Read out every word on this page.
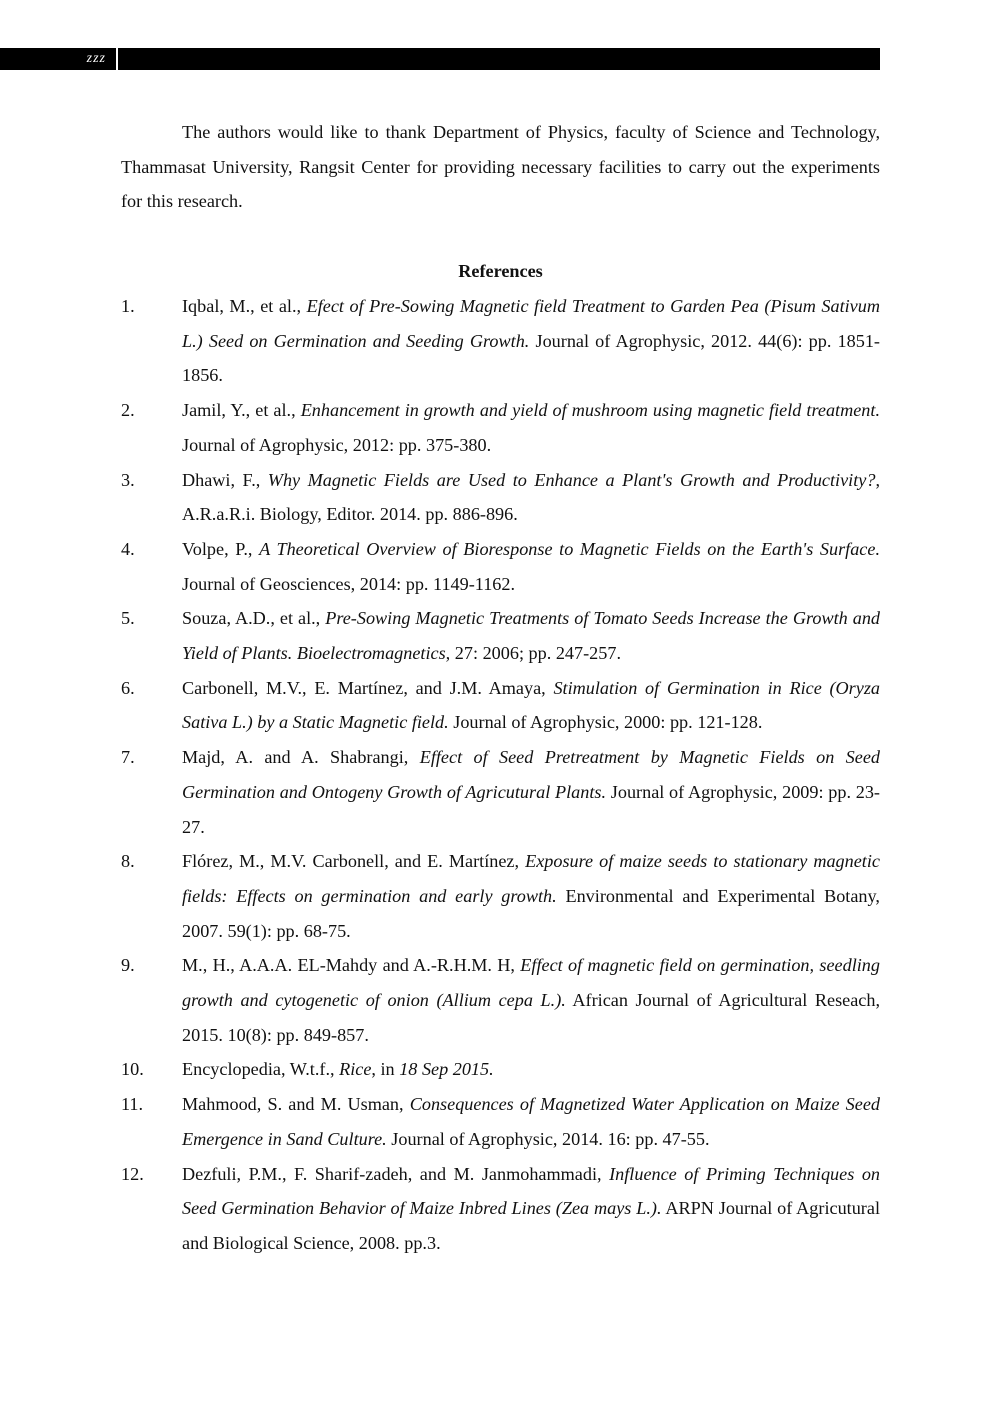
zzz

The authors would like to thank Department of Physics, faculty of Science and Technology, Thammasat University, Rangsit Center for providing necessary facilities to carry out the experiments for this research.

References
1.	Iqbal, M., et al., Efect of Pre-Sowing Magnetic field Treatment to Garden Pea (Pisum Sativum L.) Seed on Germination and Seeding Growth. Journal of Agrophysic, 2012. 44(6): pp. 1851-1856.
2.	Jamil, Y., et al., Enhancement in growth and yield of mushroom using magnetic field treatment. Journal of Agrophysic, 2012: pp. 375-380.
3.	Dhawi, F., Why Magnetic Fields are Used to Enhance a Plant's Growth and Productivity?, A.R.a.R.i. Biology, Editor. 2014. pp. 886-896.
4.	Volpe, P., A Theoretical Overview of Bioresponse to Magnetic Fields on the Earth's Surface. Journal of Geosciences, 2014: pp. 1149-1162.
5.	Souza, A.D., et al., Pre-Sowing Magnetic Treatments of Tomato Seeds Increase the Growth and Yield of Plants. Bioelectromagnetics, 27: 2006; pp. 247-257.
6.	Carbonell, M.V., E. Martínez, and J.M. Amaya, Stimulation of Germination in Rice (Oryza Sativa L.) by a Static Magnetic field. Journal of Agrophysic, 2000: pp. 121-128.
7.	Majd, A. and A. Shabrangi, Effect of Seed Pretreatment by Magnetic Fields on Seed Germination and Ontogeny Growth of Agricutural Plants. Journal of Agrophysic, 2009: pp. 23-27.
8.	Flórez, M., M.V. Carbonell, and E. Martínez, Exposure of maize seeds to stationary magnetic fields: Effects on germination and early growth. Environmental and Experimental Botany, 2007. 59(1): pp. 68-75.
9.	M., H., A.A.A. EL-Mahdy and A.-R.H.M. H, Effect of magnetic field on germination, seedling growth and cytogenetic of onion (Allium cepa L.). African Journal of Agricultural Reseach, 2015. 10(8): pp. 849-857.
10. Encyclopedia, W.t.f., Rice, in 18 Sep 2015.
11. Mahmood, S. and M. Usman, Consequences of Magnetized Water Application on Maize Seed Emergence in Sand Culture. Journal of Agrophysic, 2014. 16: pp. 47-55.
12. Dezfuli, P.M., F. Sharif-zadeh, and M. Janmohammadi, Influence of Priming Techniques on Seed Germination Behavior of Maize Inbred Lines (Zea mays L.). ARPN Journal of Agricutural and Biological Science, 2008. pp.3.
